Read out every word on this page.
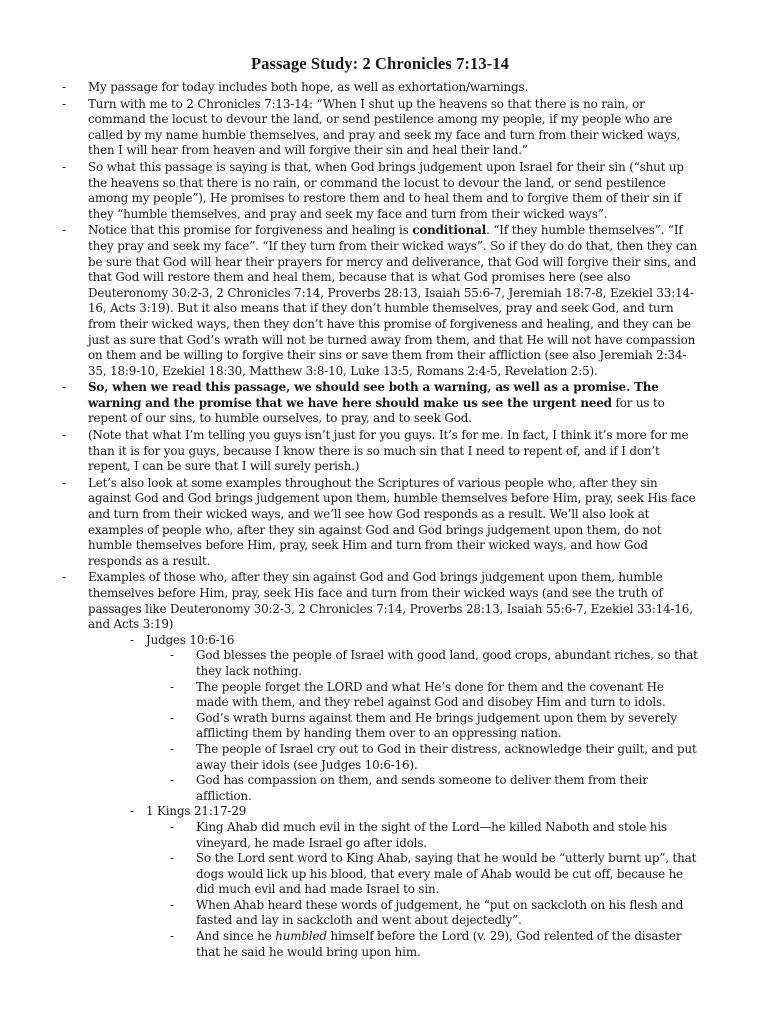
Passage Study: 2 Chronicles 7:13-14
- My passage for today includes both hope, as well as exhortation/warnings.
- Turn with me to 2 Chronicles 7:13-14: “When I shut up the heavens so that there is no rain, or command the locust to devour the land, or send pestilence among my people, if my people who are called by my name humble themselves, and pray and seek my face and turn from their wicked ways, then I will hear from heaven and will forgive their sin and heal their land.”
- So what this passage is saying is that, when God brings judgement upon Israel for their sin (“shut up the heavens so that there is no rain, or command the locust to devour the land, or send pestilence among my people”), He promises to restore them and to heal them and to forgive them of their sin if they “humble themselves, and pray and seek my face and turn from their wicked ways”.
- Notice that this promise for forgiveness and healing is conditional. “If they humble themselves”. “If they pray and seek my face”. “If they turn from their wicked ways”. So if they do do that, then they can be sure that God will hear their prayers for mercy and deliverance, that God will forgive their sins, and that God will restore them and heal them, because that is what God promises here (see also Deuteronomy 30:2-3, 2 Chronicles 7:14, Proverbs 28:13, Isaiah 55:6-7, Jeremiah 18:7-8, Ezekiel 33:14-16, Acts 3:19). But it also means that if they don’t humble themselves, pray and seek God, and turn from their wicked ways, then they don’t have this promise of forgiveness and healing, and they can be just as sure that God’s wrath will not be turned away from them, and that He will not have compassion on them and be willing to forgive their sins or save them from their affliction (see also Jeremiah 2:34-35, 18:9-10, Ezekiel 18:30, Matthew 3:8-10, Luke 13:5, Romans 2:4-5, Revelation 2:5).
- So, when we read this passage, we should see both a warning, as well as a promise. The warning and the promise that we have here should make us see the urgent need for us to repent of our sins, to humble ourselves, to pray, and to seek God.
- (Note that what I’m telling you guys isn’t just for you guys. It’s for me. In fact, I think it’s more for me than it is for you guys, because I know there is so much sin that I need to repent of, and if I don’t repent, I can be sure that I will surely perish.)
- Let’s also look at some examples throughout the Scriptures of various people who, after they sin against God and God brings judgement upon them, humble themselves before Him, pray, seek His face and turn from their wicked ways, and we’ll see how God responds as a result. We’ll also look at examples of people who, after they sin against God and God brings judgement upon them, do not humble themselves before Him, pray, seek Him and turn from their wicked ways, and how God responds as a result.
- Examples of those who, after they sin against God and God brings judgement upon them, humble themselves before Him, pray, seek His face and turn from their wicked ways (and see the truth of passages like Deuteronomy 30:2-3, 2 Chronicles 7:14, Proverbs 28:13, Isaiah 55:6-7, Ezekiel 33:14-16, and Acts 3:19)
- Judges 10:6-16
- God blesses the people of Israel with good land, good crops, abundant riches, so that they lack nothing.
- The people forget the LORD and what He’s done for them and the covenant He made with them, and they rebel against God and disobey Him and turn to idols.
- God’s wrath burns against them and He brings judgement upon them by severely afflicting them by handing them over to an oppressing nation.
- The people of Israel cry out to God in their distress, acknowledge their guilt, and put away their idols (see Judges 10:6-16).
- God has compassion on them, and sends someone to deliver them from their affliction.
- 1 Kings 21:17-29
- King Ahab did much evil in the sight of the Lord—he killed Naboth and stole his vineyard, he made Israel go after idols.
- So the Lord sent word to King Ahab, saying that he would be “utterly burnt up”, that dogs would lick up his blood, that every male of Ahab would be cut off, because he did much evil and had made Israel to sin.
- When Ahab heard these words of judgement, he “put on sackcloth on his flesh and fasted and lay in sackcloth and went about dejectedly”.
- And since he humbled himself before the Lord (v. 29), God relented of the disaster that he said he would bring upon him.
